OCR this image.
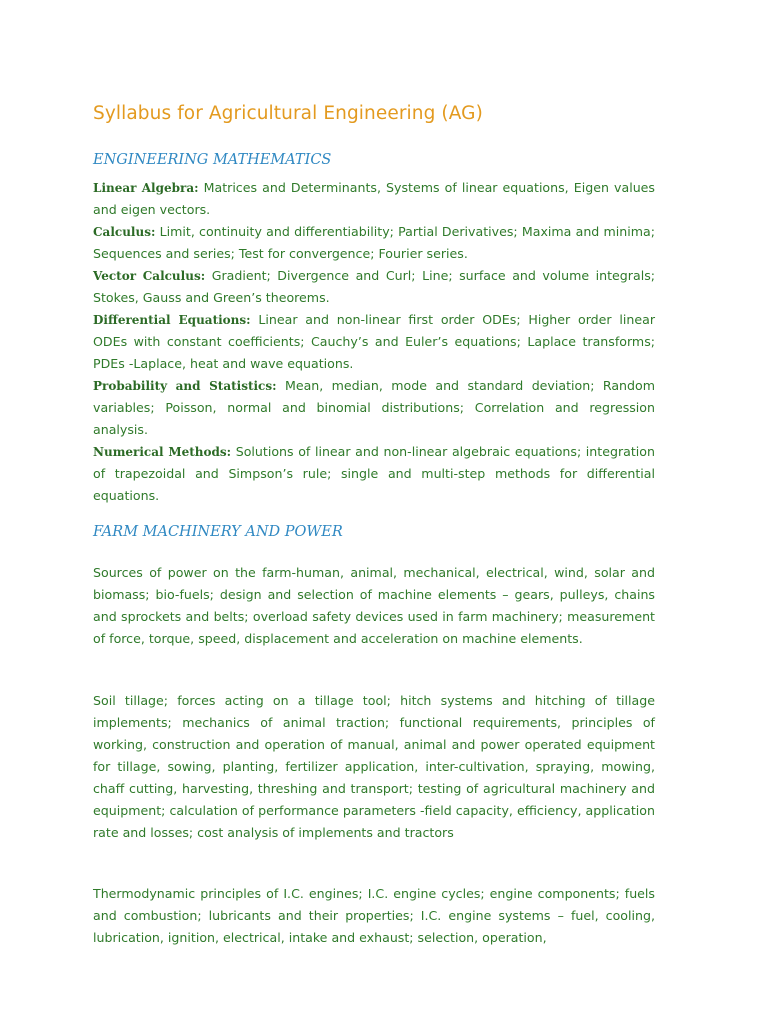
Syllabus for Agricultural Engineering (AG)
ENGINEERING MATHEMATICS

Linear Algebra: Matrices and Determinants, Systems of linear equations, Eigen values and eigen vectors.

Calculus: Limit, continuity and differentiability; Partial Derivatives; Maxima and minima; Sequences and series; Test for convergence; Fourier series.

Vector Calculus: Gradient; Divergence and Curl; Line; surface and volume integrals; Stokes, Gauss and Green’s theorems.

Differential Equations: Linear and non-linear first order ODEs; Higher order linear ODEs with constant coefficients; Cauchy’s and Euler’s equations; Laplace transforms; PDEs -Laplace, heat and wave equations.

Probability and Statistics: Mean, median, mode and standard deviation; Random variables; Poisson, normal and binomial distributions; Correlation and regression analysis.

Numerical Methods: Solutions of linear and non-linear algebraic equations; integration of trapezoidal and Simpson’s rule; single and multi-step methods for differential equations.

FARM MACHINERY AND POWER

Sources of power on the farm-human, animal, mechanical, electrical, wind, solar and biomass; bio-fuels; design and selection of machine elements – gears, pulleys, chains and sprockets and belts; overload safety devices used in farm machinery; measurement of force, torque, speed, displacement and acceleration on machine elements.

Soil tillage; forces acting on a tillage tool; hitch systems and hitching of tillage implements; mechanics of animal traction; functional requirements, principles of working, construction and operation of manual, animal and power operated equipment for tillage, sowing, planting, fertilizer application, inter-cultivation, spraying, mowing, chaff cutting, harvesting, threshing and transport; testing of agricultural machinery and equipment; calculation of performance parameters -field capacity, efficiency, application rate and losses; cost analysis of implements and tractors

Thermodynamic principles of I.C. engines; I.C. engine cycles; engine components; fuels and combustion; lubricants and their properties; I.C. engine systems – fuel, cooling, lubrication, ignition, electrical, intake and exhaust; selection, operation,
